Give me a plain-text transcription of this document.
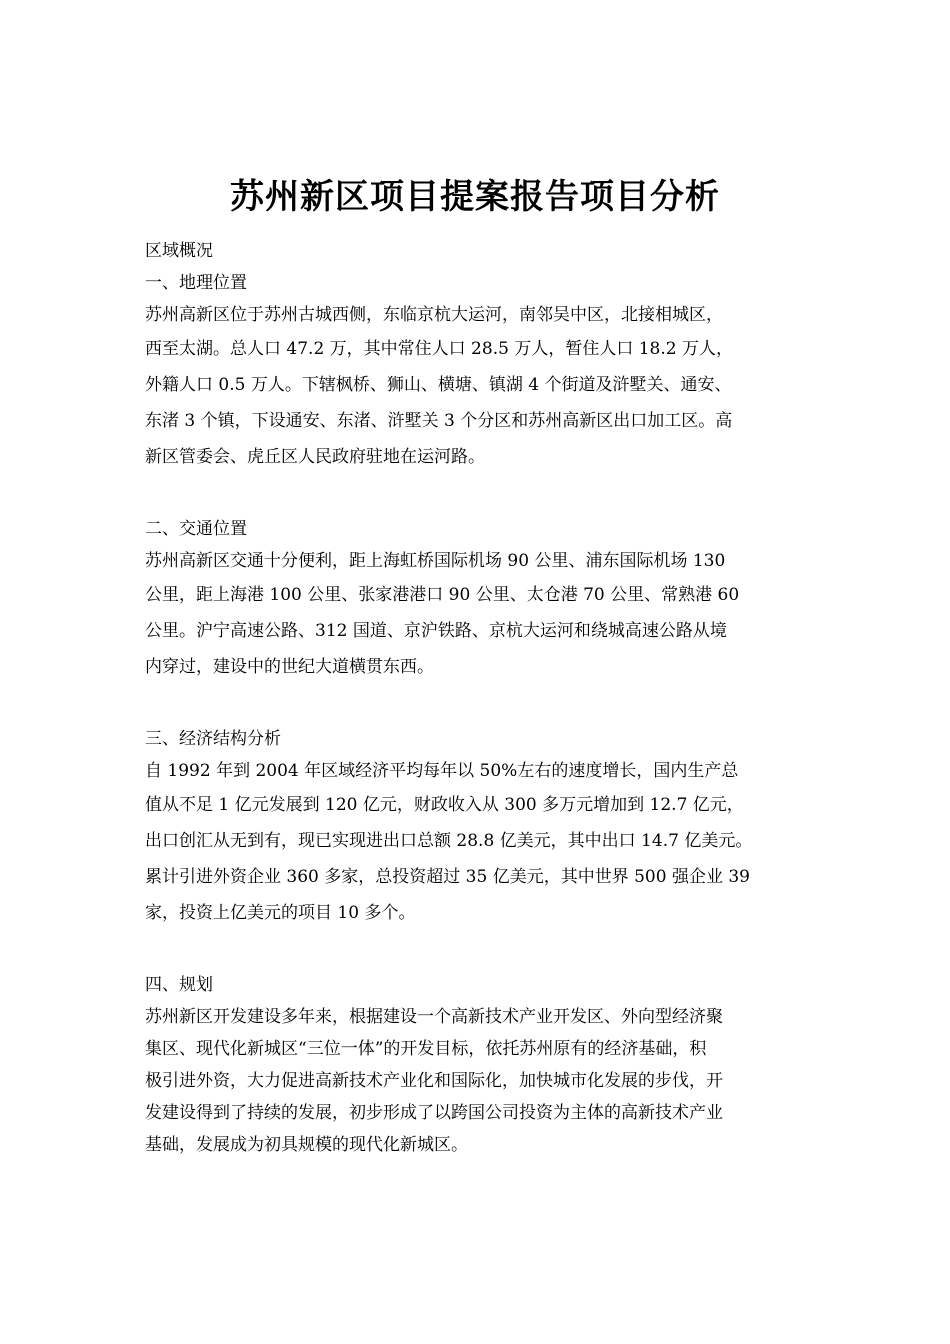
苏州新区项目提案报告项目分析
区域概况
一、地理位置
苏州高新区位于苏州古城西侧，东临京杭大运河，南邻吴中区，北接相城区，
西至太湖。总人口 47.2 万，其中常住人口 28.5 万人，暂住人口 18.2 万人，
外籍人口 0.5 万人。下辖枫桥、狮山、横塘、镇湖 4 个街道及浒墅关、通安、
东渚 3 个镇，下设通安、东渚、浒墅关 3 个分区和苏州高新区出口加工区。高
新区管委会、虎丘区人民政府驻地在运河路。
二、交通位置
苏州高新区交通十分便利，距上海虹桥国际机场 90 公里、浦东国际机场 130
公里，距上海港 100 公里、张家港港口 90 公里、太仓港 70 公里、常熟港 60
公里。沪宁高速公路、312 国道、京沪铁路、京杭大运河和绕城高速公路从境
内穿过，建设中的世纪大道横贯东西。
三、经济结构分析
自 1992 年到 2004 年区域经济平均每年以 50%左右的速度增长，国内生产总
值从不足 1 亿元发展到 120 亿元，财政收入从 300 多万元增加到 12.7 亿元，
出口创汇从无到有，现已实现进出口总额 28.8 亿美元，其中出口 14.7 亿美元。
累计引进外资企业 360 多家，总投资超过 35 亿美元，其中世界 500 强企业 39
家，投资上亿美元的项目 10 多个。
四、规划
苏州新区开发建设多年来，根据建设一个高新技术产业开发区、外向型经济聚
集区、现代化新城区“三位一体”的开发目标，依托苏州原有的经济基础，积
极引进外资，大力促进高新技术产业化和国际化，加快城市化发展的步伐，开
发建设得到了持续的发展，初步形成了以跨国公司投资为主体的高新技术产业
基础，发展成为初具规模的现代化新城区。
